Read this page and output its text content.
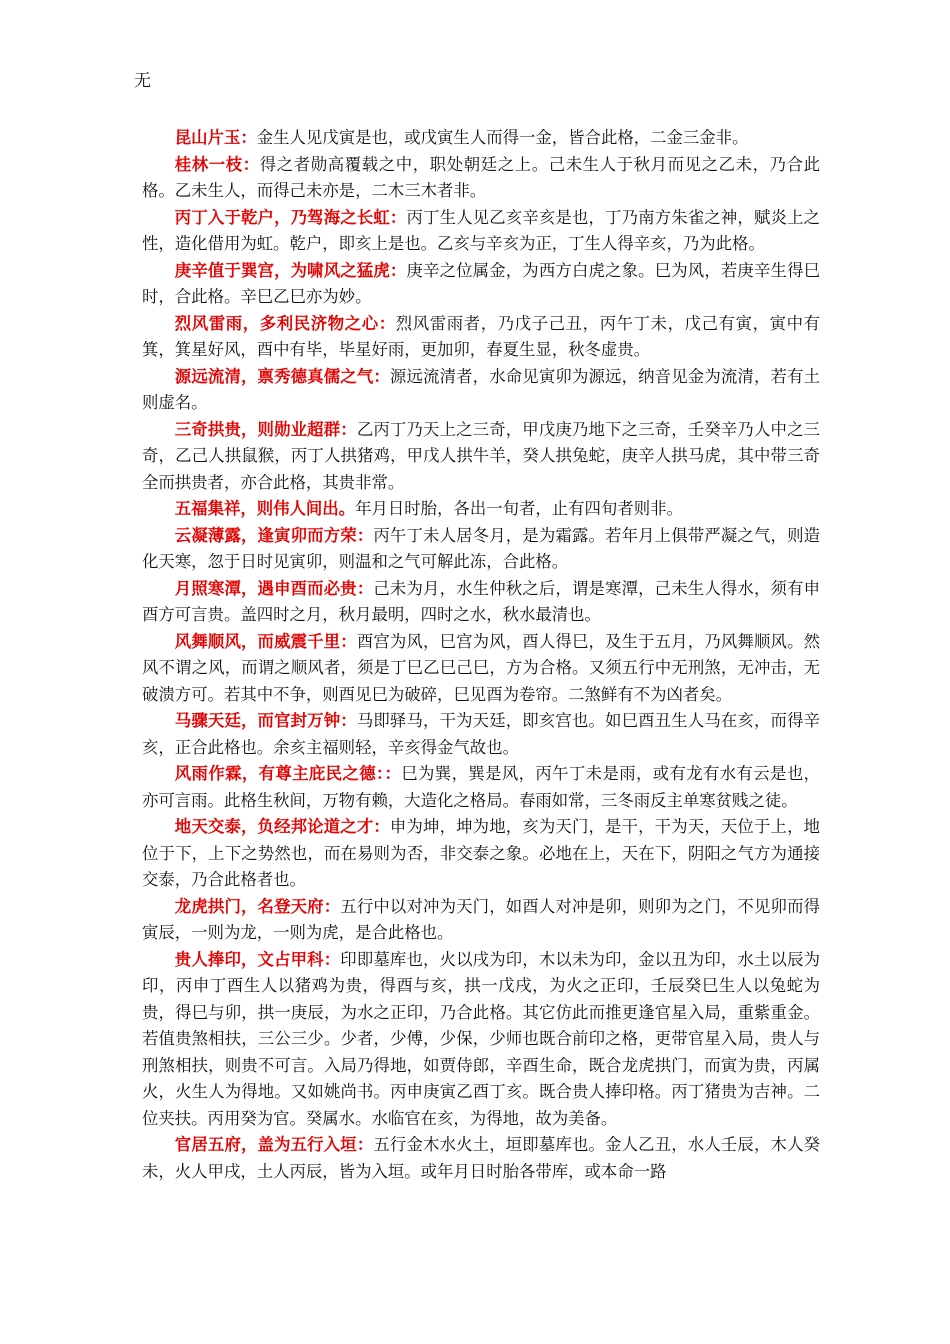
无

昆山片玉：金生人见戊寅是也，或戊寅生人而得一金，皆合此格，二金三金非。

桂林一枝：得之者勋高覆载之中，职处朝廷之上。己未生人于秋月而见之乙未，乃合此格。乙未生人，而得己未亦是，二木三木者非。

丙丁入于乾户，乃驾海之长虹：丙丁生人见乙亥辛亥是也，丁乃南方朱雀之神，赋炎上之性，造化借用为虹。乾户，即亥上是也。乙亥与辛亥为正，丁生人得辛亥，乃为此格。

庚辛值于巽宫，为啸风之猛虎：庚辛之位属金，为西方白虎之象。巳为风，若庚辛生得巳时，合此格。辛巳乙巳亦为妙。

烈风雷雨，多利民济物之心：烈风雷雨者，乃戊子己丑，丙午丁未，戊己有寅，寅中有箕，箕星好风，酉中有毕，毕星好雨，更加卯，春夏生显，秋冬虚贵。

源远流清，禀秀德真儒之气：源远流清者，水命见寅卯为源远，纳音见金为流清，若有土则虚名。

三奇拱贵，则勋业超群：乙丙丁乃天上之三奇，甲戊庚乃地下之三奇，壬癸辛乃人中之三奇，乙己人拱鼠猴，丙丁人拱猪鸡，甲戊人拱牛羊，癸人拱兔蛇，庚辛人拱马虎，其中带三奇全而拱贵者，亦合此格，其贵非常。

五福集祥，则伟人间出。年月日时胎，各出一旬者，止有四旬者则非。

云凝薄露，逢寅卯而方荣：丙午丁未人居冬月，是为霜露。若年月上俱带严凝之气，则造化天寒，忽于日时见寅卯，则温和之气可解此冻，合此格。

月照寒潭，遇申酉而必贵：己未为月，水生仲秋之后，谓是寒潭，己未生人得水，须有申酉方可言贵。盖四时之月，秋月最明，四时之水，秋水最清也。

风舞顺风，而威震千里：酉宫为风，巳宫为风，酉人得巳，及生于五月，乃风舞顺风。然风不谓之风，而谓之顺风者，须是丁巳乙巳己巳，方为合格。又须五行中无刑煞，无冲击，无破溃方可。若其中不争，则酉见巳为破碎，巳见酉为卷帘。二煞鲜有不为凶者矣。

马骤天廷，而官封万钟：马即驿马，干为天廷，即亥宫也。如巳酉丑生人马在亥，而得辛亥，正合此格也。余亥主福则轻，辛亥得金气故也。

风雨作霖，有尊主庇民之德：：巳为巽，巽是风，丙午丁未是雨，或有龙有水有云是也，亦可言雨。此格生秋间，万物有赖，大造化之格局。春雨如常，三冬雨反主单寒贫贱之徒。

地天交泰，负经邦论道之才：申为坤，坤为地，亥为天门，是干，干为天，天位于上，地位于下，上下之势然也，而在易则为否，非交泰之象。必地在上，天在下，阴阳之气方为通接交泰，乃合此格者也。

龙虎拱门，名登天府：五行中以对冲为天门，如酉人对冲是卯，则卯为之门，不见卯而得寅辰，一则为龙，一则为虎，是合此格也。

贵人捧印，文占甲科：印即墓库也，火以戌为印，木以未为印，金以丑为印，水土以辰为印，丙申丁酉生人以猪鸡为贵，得酉与亥，拱一戊戌，为火之正印，壬辰癸巳生人以兔蛇为贵，得巳与卯，拱一庚辰，为水之正印，乃合此格。其它仿此而推更逢官星入局，重紫重金。若值贵煞相扶，三公三少。少者，少傅，少保，少师也既合前印之格，更带官星入局，贵人与刑煞相扶，则贵不可言。入局乃得地，如贾侍郎，辛酉生命，既合龙虎拱门，而寅为贵，丙属火，火生人为得地。又如姚尚书。丙申庚寅乙酉丁亥。既合贵人捧印格。丙丁猪贵为吉神。二位夹扶。丙用癸为官。癸属水。水临官在亥，为得地，故为美备。

官居五府，盖为五行入垣：五行金木水火土，垣即墓库也。金人乙丑，水人壬辰，木人癸未，火人甲戌，土人丙辰，皆为入垣。或年月日时胎各带库，或本命一路
